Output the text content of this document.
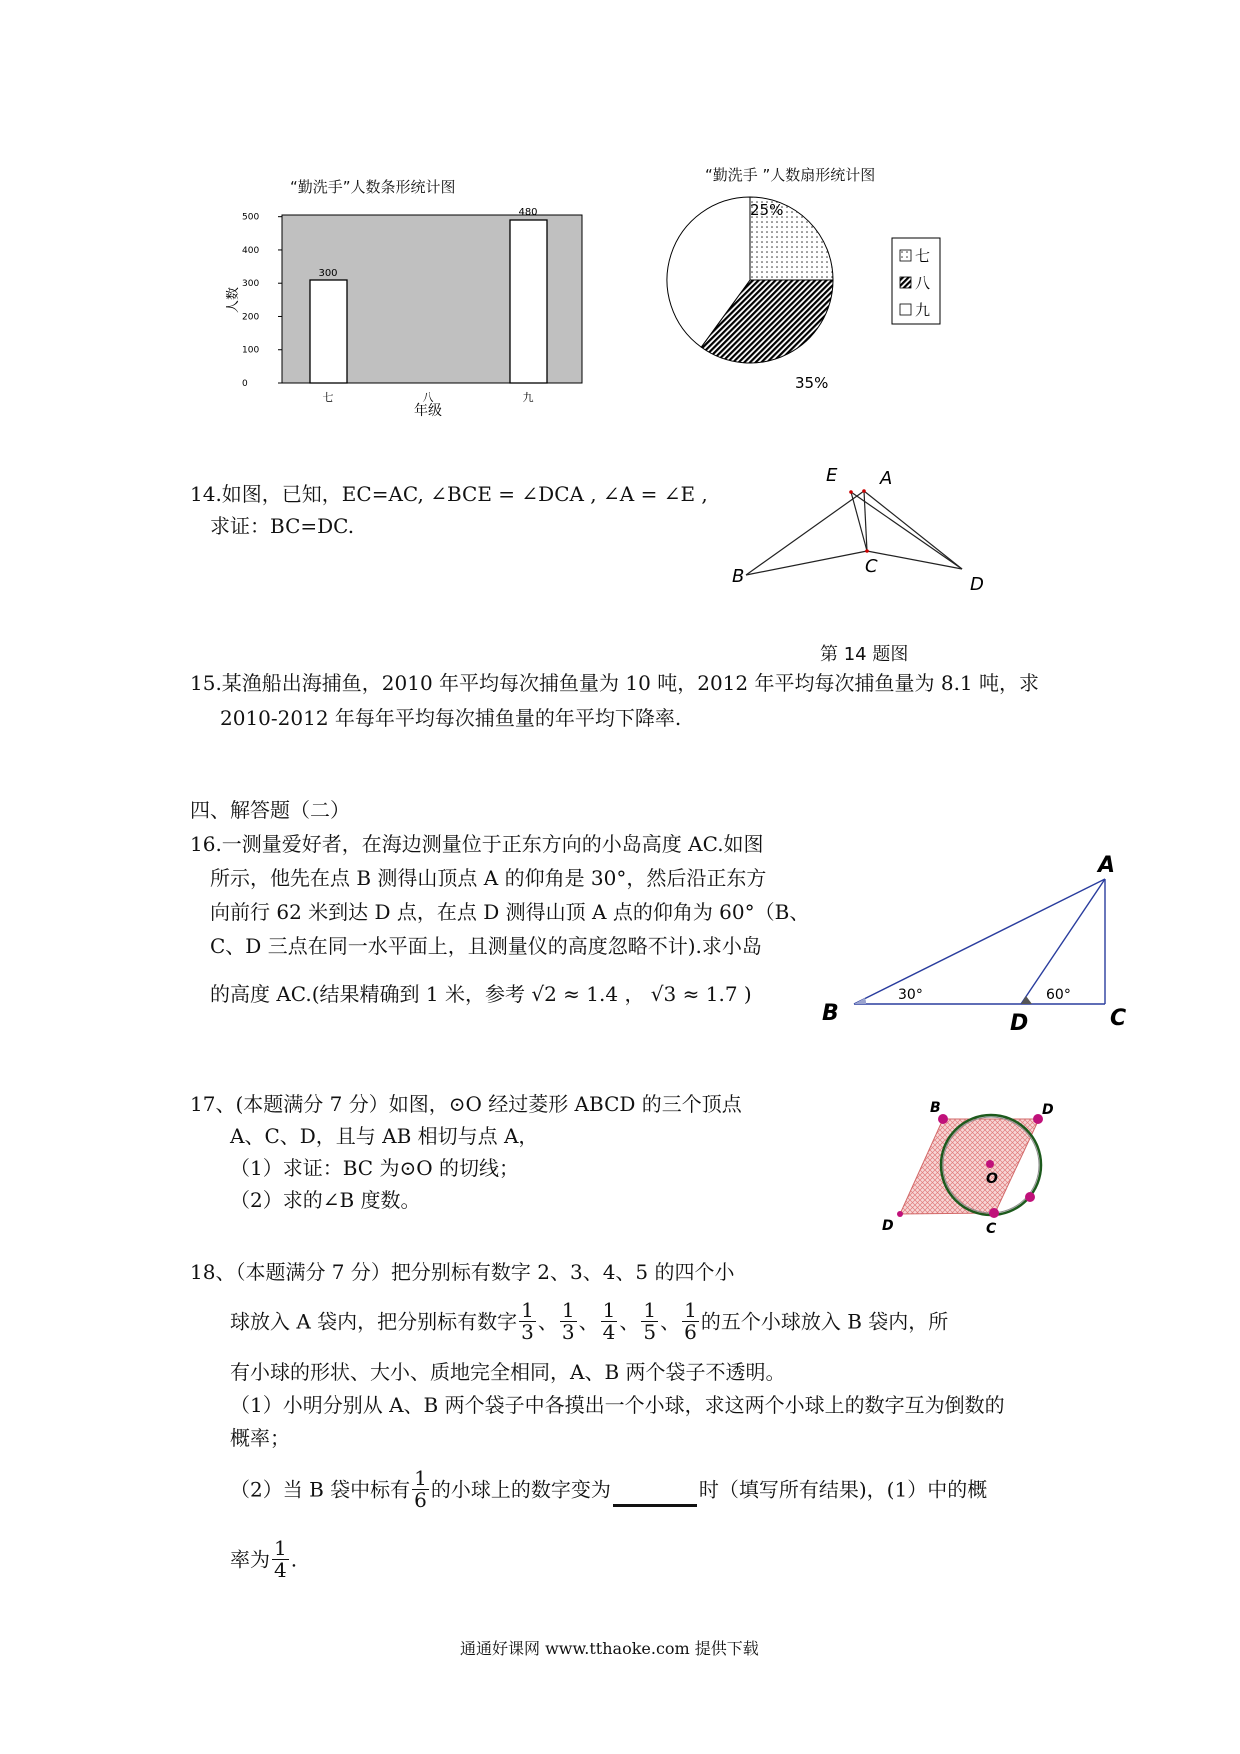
“勤洗手”人数条形统计图
0
100
200
300
400
500
300
480
七	八	九
年级
人数
“勤洗手 ”人数扇形统计图
25%
35%
七
八
九
14.如图，已知，EC=AC, ∠BCE = ∠DCA , ∠A = ∠E ,
求证：BC=DC.
E A
B	C
D
第 14 题图
15.某渔船出海捕鱼，2010 年平均每次捕鱼量为 10 吨，2012 年平均每次捕鱼量为 8.1 吨，求
2010-2012 年每年平均每次捕鱼量的年平均下降率.
四、解答题（二）
16.一测量爱好者，在海边测量位于正东方向的小岛高度 AC.如图
所示，他先在点 B 测得山顶点 A 的仰角是 30°，然后沿正东方
向前行 62 米到达 D 点，在点 D 测得山顶 A 点的仰角为 60°（B、
C、D 三点在同一水平面上，且测量仪的高度忽略不计).求小岛
的高度 AC.(结果精确到 1 米，参考 √2 ≈ 1.4 ， √3 ≈ 1.7 )
A
B	D	C
30°	60°
17、(本题满分 7 分）如图，⊙O 经过菱形 ABCD 的三个顶点
A、C、D，且与 AB 相切与点 A，
（1）求证：BC 为⊙O 的切线；
（2）求的∠B 度数。
B	D
O
C
D
18、（本题满分 7 分）把分别标有数字 2、3、4、5 的四个小
球放入 A 袋内，把分别标有数字 $\frac{1}{3}$ 、 $\frac{1}{3}$ 、 $\frac{1}{4}$ 、 $\frac{1}{5}$ 、 $\frac{1}{6}$ 的五个小球放入 B 袋内，所
有小球的形状、大小、质地完全相同，A、B 两个袋子不透明。
（1）小明分别从 A、B 两个袋子中各摸出一个小球，求这两个小球上的数字互为倒数的
概率；
（2）当 B 袋中标有 $\frac{1}{6}$ 的小球上的数字变为	时（填写所有结果)，(1）中的概
率为 $\frac{1}{4}$ .
通通好课网 www.tthaoke.com 提供下载
